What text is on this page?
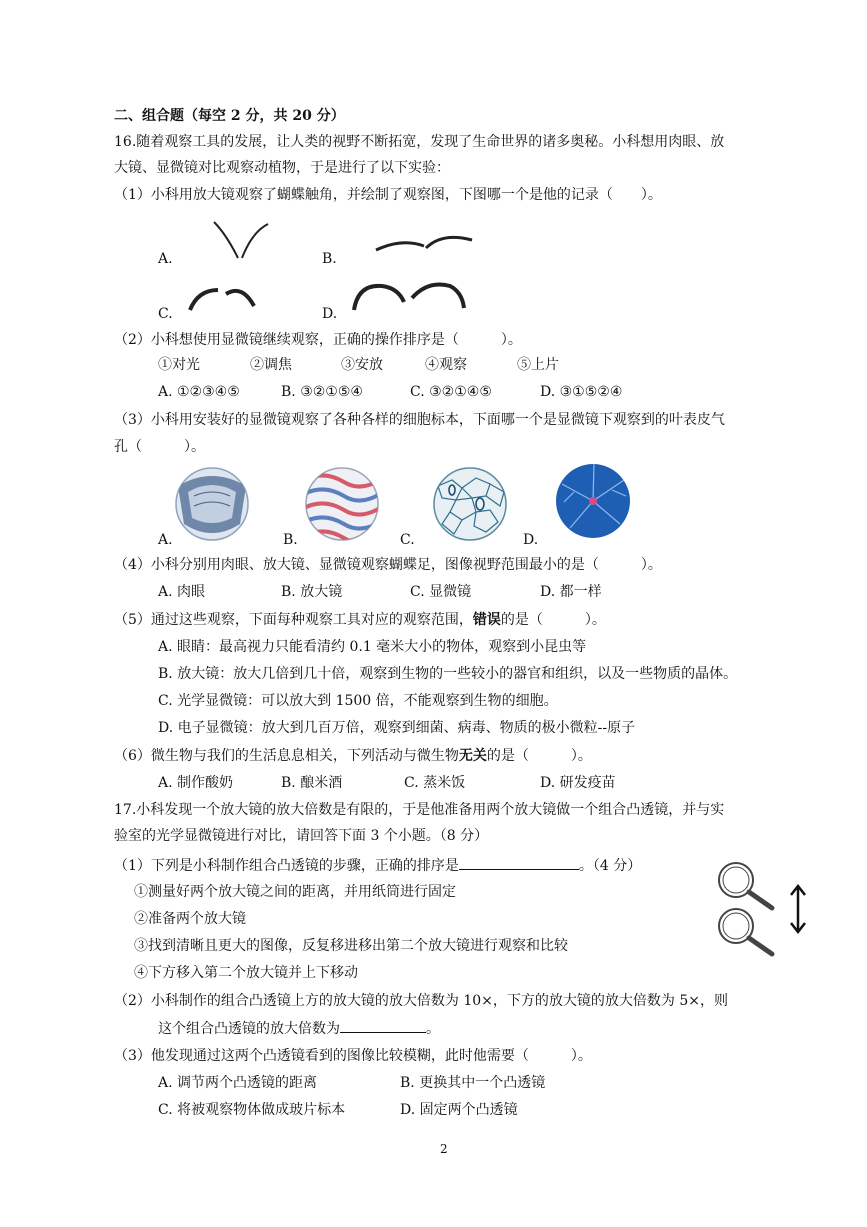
二、组合题（每空 2 分，共 20 分）
16.随着观察工具的发展，让人类的视野不断拓宽，发现了生命世界的诸多奥秘。小科想用肉眼、放
大镜、显微镜对比观察动植物，于是进行了以下实验：
（1）小科用放大镜观察了蝴蝶触角，并绘制了观察图，下图哪一个是他的记录（　　）。
A.	B.
C.	D.
（2）小科想使用显微镜继续观察，正确的操作排序是（　　　）。
①对光	②调焦	③安放	④观察	⑤上片
A. ①②③④⑤	B. ③②①⑤④	C. ③②①④⑤	D. ③①⑤②④
（3）小科用安装好的显微镜观察了各种各样的细胞标本，下面哪一个是显微镜下观察到的叶表皮气
孔（　　　）。
A.	B.	C.	D.
（4）小科分别用肉眼、放大镜、显微镜观察蝴蝶足，图像视野范围最小的是（　　　）。
A. 肉眼	B. 放大镜	C. 显微镜	D. 都一样
（5）通过这些观察，下面每种观察工具对应的观察范围，错误的是（　　　）。
A. 眼睛：最高视力只能看清约 0.1 毫米大小的物体，观察到小昆虫等
B. 放大镜：放大几倍到几十倍，观察到生物的一些较小的器官和组织，以及一些物质的晶体。
C. 光学显微镜：可以放大到 1500 倍，不能观察到生物的细胞。
D. 电子显微镜：放大到几百万倍，观察到细菌、病毒、物质的极小微粒--原子
（6）微生物与我们的生活息息相关，下列活动与微生物无关的是（　　　）。
A. 制作酸奶	B. 酿米酒	C. 蒸米饭	D. 研发疫苗
17.小科发现一个放大镜的放大倍数是有限的，于是他准备用两个放大镜做一个组合凸透镜，并与实
验室的光学显微镜进行对比，请回答下面 3 个小题。（8 分）
（1）下列是小科制作组合凸透镜的步骤，正确的排序是	。（4 分）
①测量好两个放大镜之间的距离，并用纸筒进行固定
②准备两个放大镜
③找到清晰且更大的图像，反复移进移出第二个放大镜进行观察和比较
④下方移入第二个放大镜并上下移动
（2）小科制作的组合凸透镜上方的放大镜的放大倍数为 10×，下方的放大镜的放大倍数为 5×，则
这个组合凸透镜的放大倍数为	。
（3）他发现通过这两个凸透镜看到的图像比较模糊，此时他需要（　　　）。
A. 调节两个凸透镜的距离	B. 更换其中一个凸透镜
C. 将被观察物体做成玻片标本	D. 固定两个凸透镜
2
